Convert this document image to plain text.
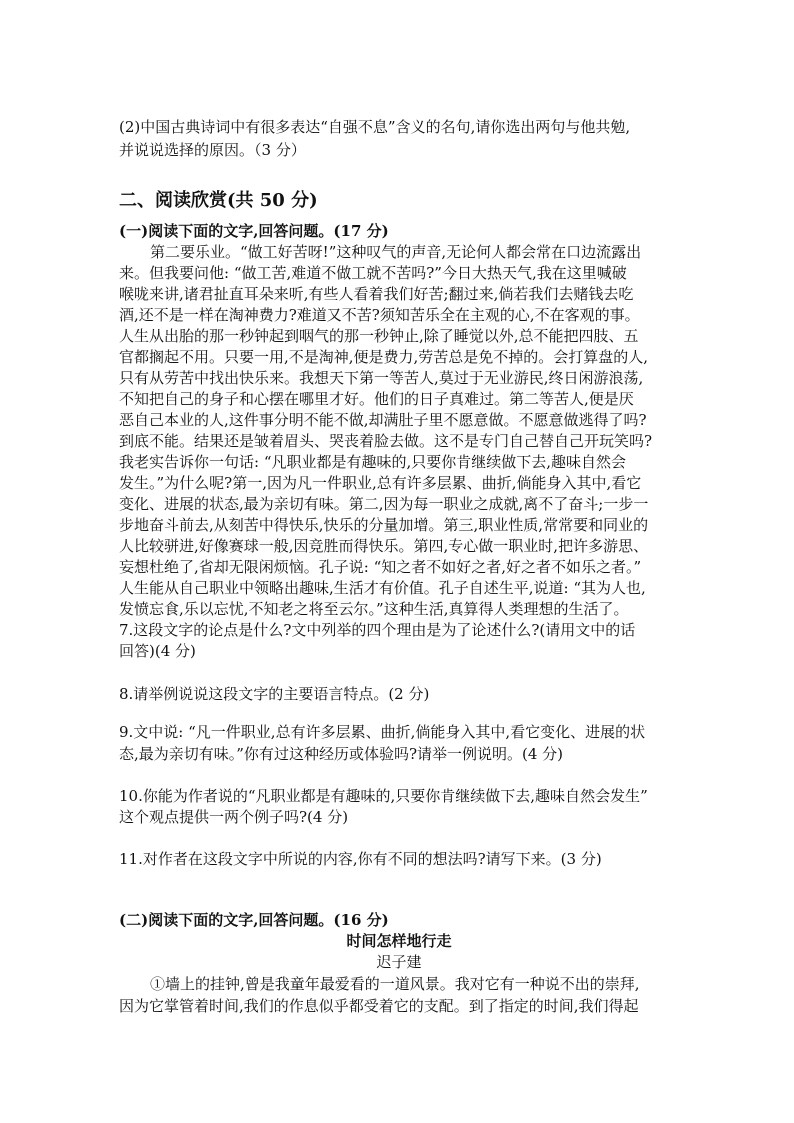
(2)中国古典诗词中有很多表达“自强不息”含义的名句,请你选出两句与他共勉,
并说说选择的原因。（3 分）
二、阅读欣赏(共 50 分)
(一)阅读下面的文字,回答问题。(17 分)
第二要乐业。“做工好苦呀!”这种叹气的声音,无论何人都会常在口边流露出
来。但我要问他: “做工苦,难道不做工就不苦吗?”今日大热天气,我在这里喊破
喉咙来讲,诸君扯直耳朵来听,有些人看着我们好苦;翻过来,倘若我们去赌钱去吃
酒,还不是一样在淘神费力?难道又不苦?须知苦乐全在主观的心,不在客观的事。
人生从出胎的那一秒钟起到咽气的那一秒钟止,除了睡觉以外,总不能把四肢、五
官都搁起不用。只要一用,不是淘神,便是费力,劳苦总是免不掉的。会打算盘的人,
只有从劳苦中找出快乐来。我想天下第一等苦人,莫过于无业游民,终日闲游浪荡,
不知把自己的身子和心摆在哪里才好。他们的日子真难过。第二等苦人,便是厌
恶自己本业的人,这件事分明不能不做,却满肚子里不愿意做。不愿意做逃得了吗?
到底不能。结果还是皱着眉头、哭丧着脸去做。这不是专门自己替自己开玩笑吗?
我老实告诉你一句话: “凡职业都是有趣味的,只要你肯继续做下去,趣味自然会
发生。”为什么呢?第一,因为凡一件职业,总有许多层累、曲折,倘能身入其中,看它
变化、进展的状态,最为亲切有味。第二,因为每一职业之成就,离不了奋斗;一步一
步地奋斗前去,从刻苦中得快乐,快乐的分量加增。第三,职业性质,常常要和同业的
人比较骈进,好像赛球一般,因竞胜而得快乐。第四,专心做一职业时,把许多游思、
妄想杜绝了,省却无限闲烦恼。孔子说: “知之者不如好之者,好之者不如乐之者。”
人生能从自己职业中领略出趣味,生活才有价值。孔子自述生平,说道: “其为人也,
发愤忘食,乐以忘忧,不知老之将至云尔。”这种生活,真算得人类理想的生活了。
7.这段文字的论点是什么?文中列举的四个理由是为了论述什么?(请用文中的话
回答)(4 分)
8.请举例说说这段文字的主要语言特点。(2 分)
9.文中说: “凡一件职业,总有许多层累、曲折,倘能身入其中,看它变化、进展的状
态,最为亲切有味。”你有过这种经历或体验吗?请举一例说明。(4 分)
10.你能为作者说的“凡职业都是有趣味的,只要你肯继续做下去,趣味自然会发生”
这个观点提供一两个例子吗?(4 分)
11.对作者在这段文字中所说的内容,你有不同的想法吗?请写下来。(3 分)
(二)阅读下面的文字,回答问题。(16 分)
时间怎样地行走
迟子建
①墙上的挂钟,曾是我童年最爱看的一道风景。我对它有一种说不出的崇拜,
因为它掌管着时间,我们的作息似乎都受着它的支配。到了指定的时间,我们得起
